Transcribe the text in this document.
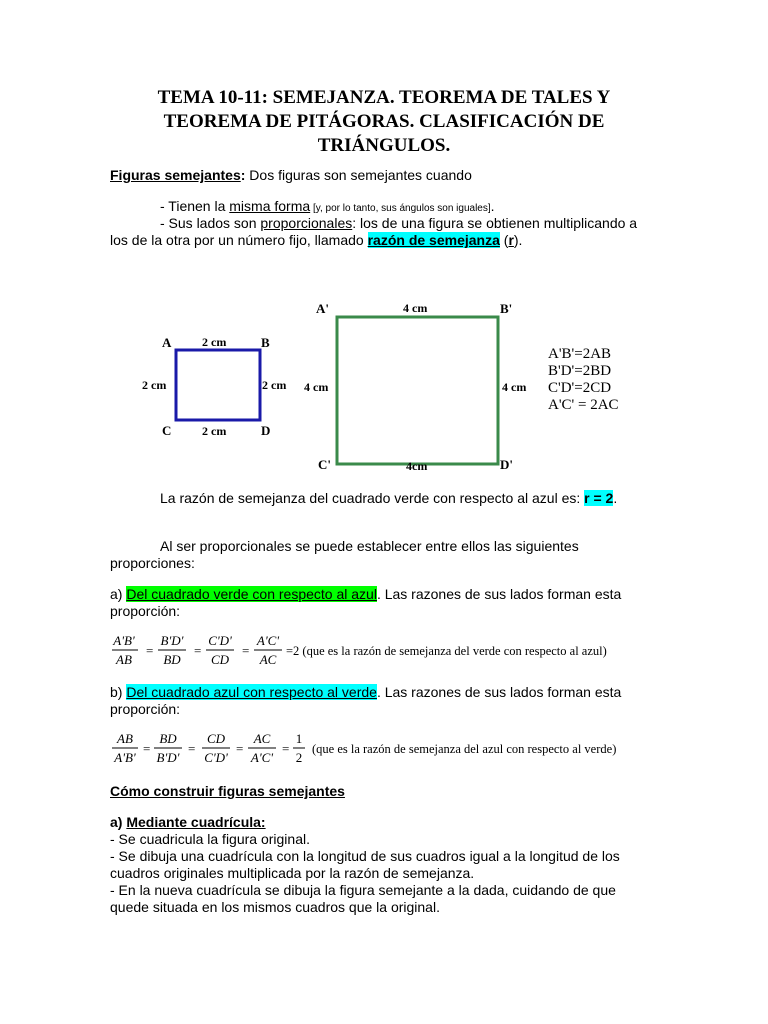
TEMA 10-11: SEMEJANZA. TEOREMA DE TALES Y TEOREMA DE PITÁGORAS. CLASIFICACIÓN DE TRIÁNGULOS.

Figuras semejantes: Dos figuras son semejantes cuando

- Tienen la misma forma [y, por lo tanto, sus ángulos son iguales].

- Sus lados son proporcionales: los de una figura se obtienen multiplicando a los de la otra por un número fijo, llamado razón de semejanza (r).

A	B
C	D
2 cm
2 cm	2 cm
2 cm
A'	B'
C'	D'
4 cm
4 cm	4 cm
4cm
A'B'=2AB
B'D'=2BD
C'D'=2CD
A'C' = 2AC

La razón de semejanza del cuadrado verde con respecto al azul es: r = 2.

Al ser proporcionales se puede establecer entre ellos las siguientes proporciones:

a) Del cuadrado verde con respecto al azul. Las razones de sus lados forman esta proporción:

A'B'
AB
=
B'D'
BD
=
C'D'
CD
=
A'C'
AC
=2 (que es la razón de semejanza del verde con respecto al azul)

b) Del cuadrado azul con respecto al verde. Las razones de sus lados forman esta proporción:

AB
A'B'
=
BD
B'D'
=
CD
C'D'
=
AC
A'C'
=
1
2
(que es la razón de semejanza del azul con respecto al verde)

Cómo construir figuras semejantes

a) Mediante cuadrícula:

- Se cuadricula la figura original.

- Se dibuja una cuadrícula con la longitud de sus cuadros igual a la longitud de los cuadros originales multiplicada por la razón de semejanza.

- En la nueva cuadrícula se dibuja la figura semejante a la dada, cuidando de que quede situada en los mismos cuadros que la original.
